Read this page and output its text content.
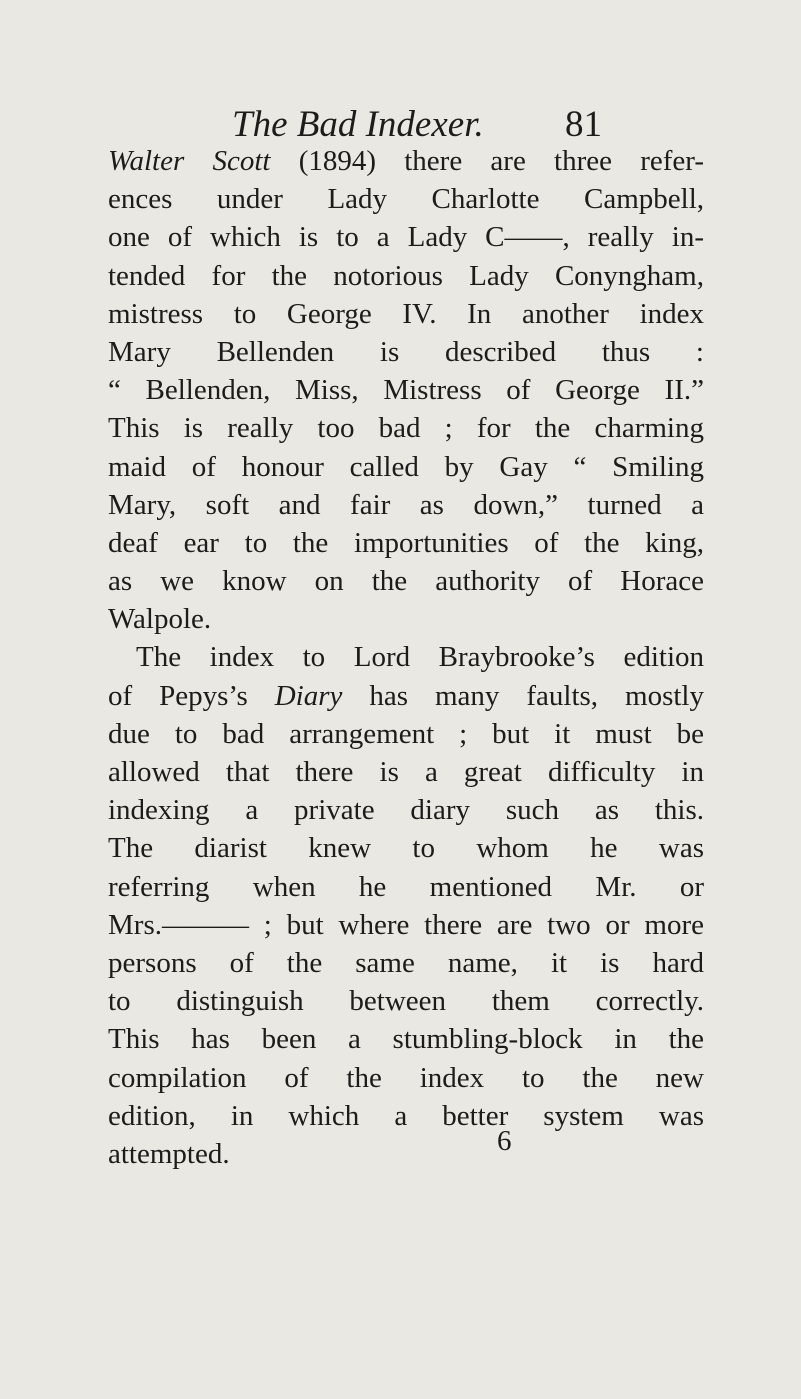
The Bad Indexer. 81
Walter Scott (1894) there are three refer-
ences under Lady Charlotte Campbell,
one of which is to a Lady C——, really in-
tended for the notorious Lady Conyngham,
mistress to George IV. In another index
Mary Bellenden is described thus :
“ Bellenden, Miss, Mistress of George II.”
This is really too bad ; for the charming
maid of honour called by Gay “ Smiling
Mary, soft and fair as down,” turned a
deaf ear to the importunities of the king,
as we know on the authority of Horace
Walpole.
The index to Lord Braybrooke’s edition
of Pepys’s Diary has many faults, mostly
due to bad arrangement ; but it must be
allowed that there is a great difficulty in
indexing a private diary such as this.
The diarist knew to whom he was
referring when he mentioned Mr. or
Mrs.——— ; but where there are two or more
persons of the same name, it is hard
to distinguish between them correctly.
This has been a stumbling-block in the
compilation of the index to the new
edition, in which a better system was
attempted.	6
